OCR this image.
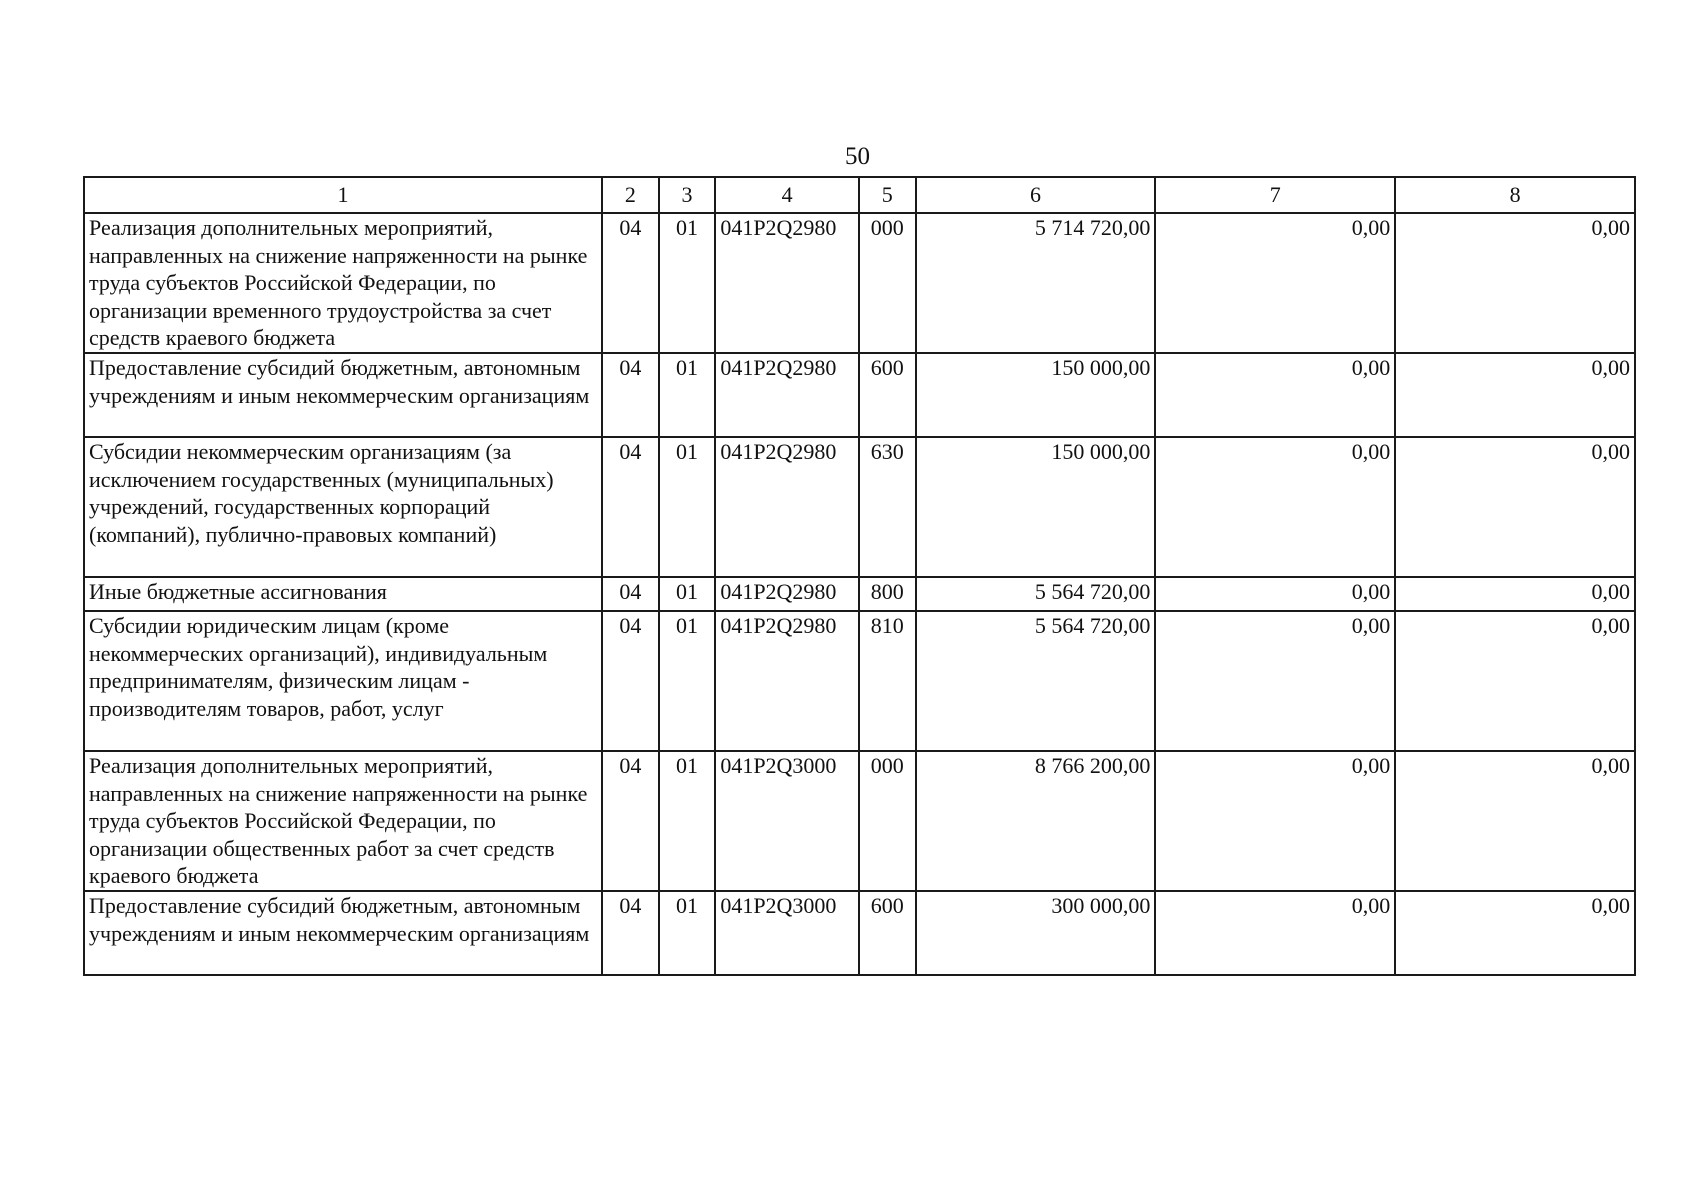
50
1	2	3	4	5	6	7	8
Реализация дополнительных мероприятий, направленных на снижение напряженности на рынке труда субъектов Российской Федерации, по организации временного трудоустройства за счет средств краевого бюджета	04	01	041P2Q2980	000	5 714 720,00	0,00	0,00
Предоставление субсидий бюджетным, автономным учреждениям и иным некоммерческим организациям	04	01	041P2Q2980	600	150 000,00	0,00	0,00
Субсидии некоммерческим организациям (за исключением государственных (муниципальных) учреждений, государственных корпораций (компаний), публично-правовых компаний)	04	01	041P2Q2980	630	150 000,00	0,00	0,00
Иные бюджетные ассигнования	04	01	041P2Q2980	800	5 564 720,00	0,00	0,00
Субсидии юридическим лицам (кроме некоммерческих организаций), индивидуальным предпринимателям, физическим лицам - производителям товаров, работ, услуг	04	01	041P2Q2980	810	5 564 720,00	0,00	0,00
Реализация дополнительных мероприятий, направленных на снижение напряженности на рынке труда субъектов Российской Федерации, по организации общественных работ за счет средств краевого бюджета	04	01	041P2Q3000	000	8 766 200,00	0,00	0,00
Предоставление субсидий бюджетным, автономным учреждениям и иным некоммерческим организациям	04	01	041P2Q3000	600	300 000,00	0,00	0,00
